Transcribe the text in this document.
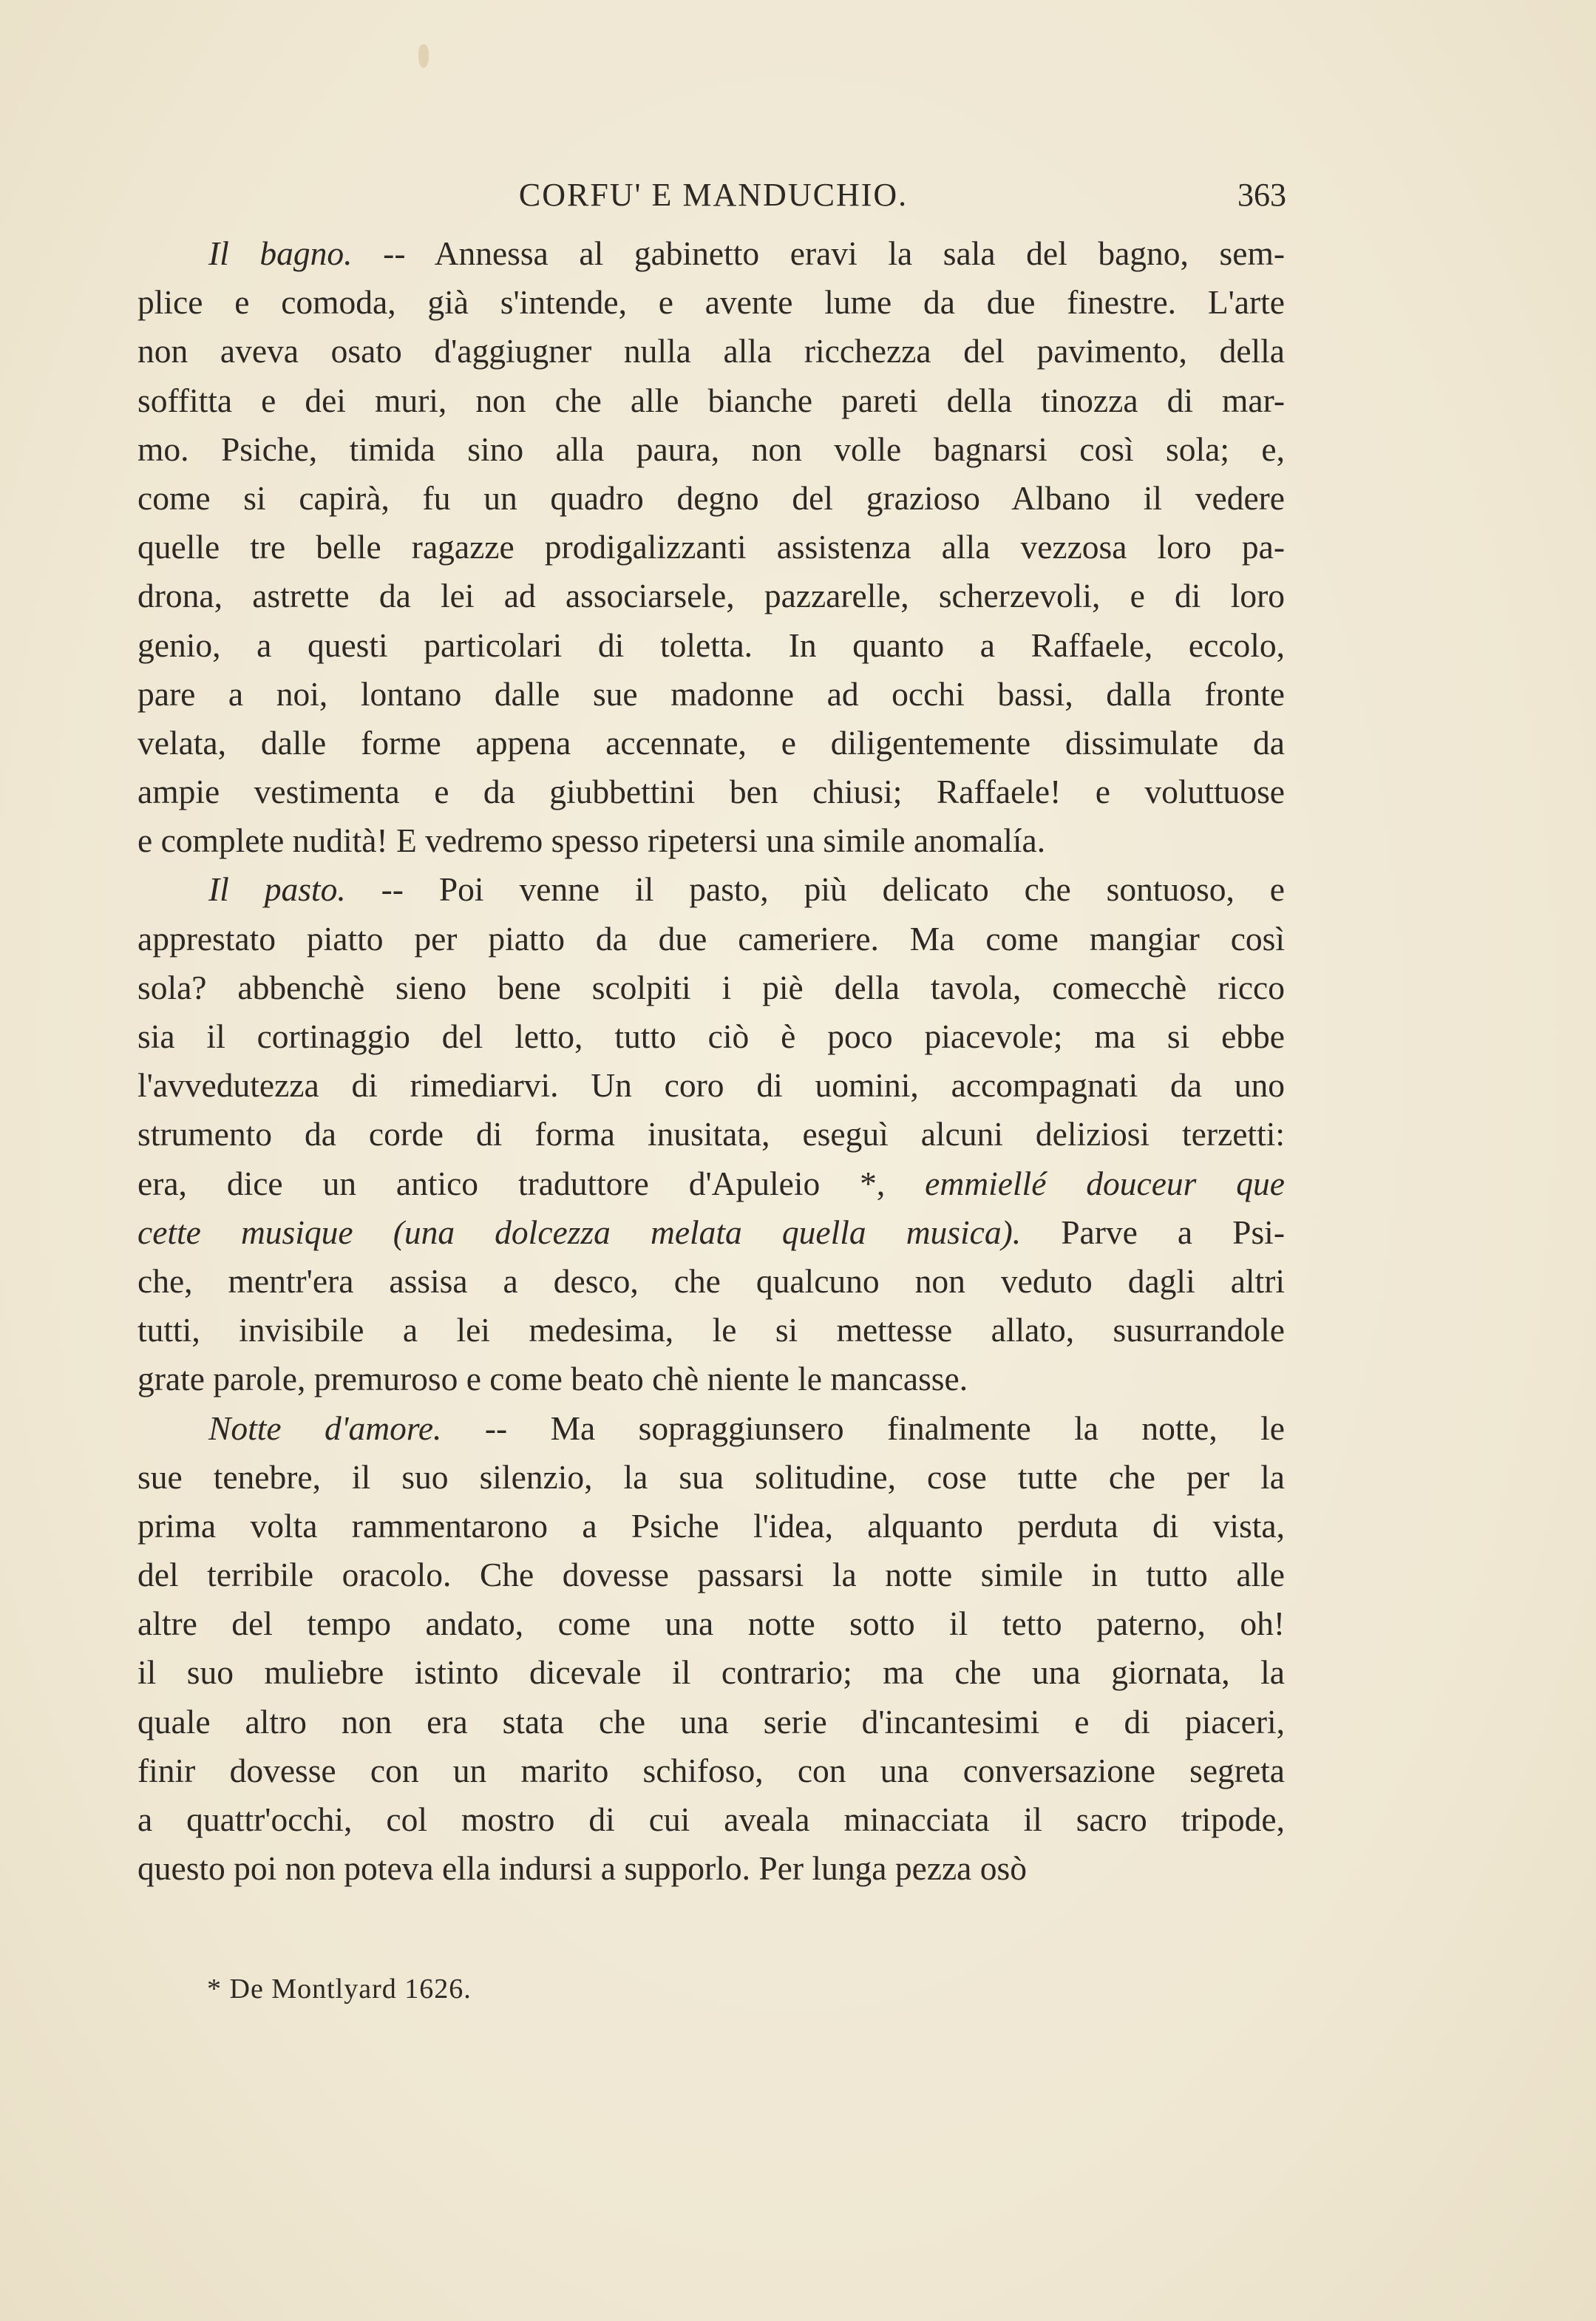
CORFU' E MANDUCHIO.	363
Il bagno. -- Annessa al gabinetto eravi la sala del bagno, sem-
plice e comoda, già s'intende, e avente lume da due finestre. L'arte
non aveva osato d'aggiugner nulla alla ricchezza del pavimento, della
soffitta e dei muri, non che alle bianche pareti della tinozza di mar-
mo. Psiche, timida sino alla paura, non volle bagnarsi così sola; e,
come si capirà, fu un quadro degno del grazioso Albano il vedere
quelle tre belle ragazze prodigalizzanti assistenza alla vezzosa loro pa-
drona, astrette da lei ad associarsele, pazzarelle, scherzevoli, e di loro
genio, a questi particolari di toletta. In quanto a Raffaele, eccolo,
pare a noi, lontano dalle sue madonne ad occhi bassi, dalla fronte
velata, dalle forme appena accennate, e diligentemente dissimulate da
ampie vestimenta e da giubbettini ben chiusi; Raffaele! e voluttuose
e complete nudità! E vedremo spesso ripetersi una simile anomalía.
Il pasto. -- Poi venne il pasto, più delicato che sontuoso, e
apprestato piatto per piatto da due cameriere. Ma come mangiar così
sola? abbenchè sieno bene scolpiti i piè della tavola, comecchè ricco
sia il cortinaggio del letto, tutto ciò è poco piacevole; ma si ebbe
l'avvedutezza di rimediarvi. Un coro di uomini, accompagnati da uno
strumento da corde di forma inusitata, eseguì alcuni deliziosi terzetti:
era, dice un antico traduttore d'Apuleio *, emmiellé douceur que
cette musique (una dolcezza melata quella musica). Parve a Psi-
che, mentr'era assisa a desco, che qualcuno non veduto dagli altri
tutti, invisibile a lei medesima, le si mettesse allato, susurrandole
grate parole, premuroso e come beato chè niente le mancasse.
Notte d'amore. -- Ma sopraggiunsero finalmente la notte, le
sue tenebre, il suo silenzio, la sua solitudine, cose tutte che per la
prima volta rammentarono a Psiche l'idea, alquanto perduta di vista,
del terribile oracolo. Che dovesse passarsi la notte simile in tutto alle
altre del tempo andato, come una notte sotto il tetto paterno, oh!
il suo muliebre istinto dicevale il contrario; ma che una giornata, la
quale altro non era stata che una serie d'incantesimi e di piaceri,
finir dovesse con un marito schifoso, con una conversazione segreta
a quattr'occhi, col mostro di cui aveala minacciata il sacro tripode,
questo poi non poteva ella indursi a supporlo. Per lunga pezza osò
* De Montlyard 1626.
